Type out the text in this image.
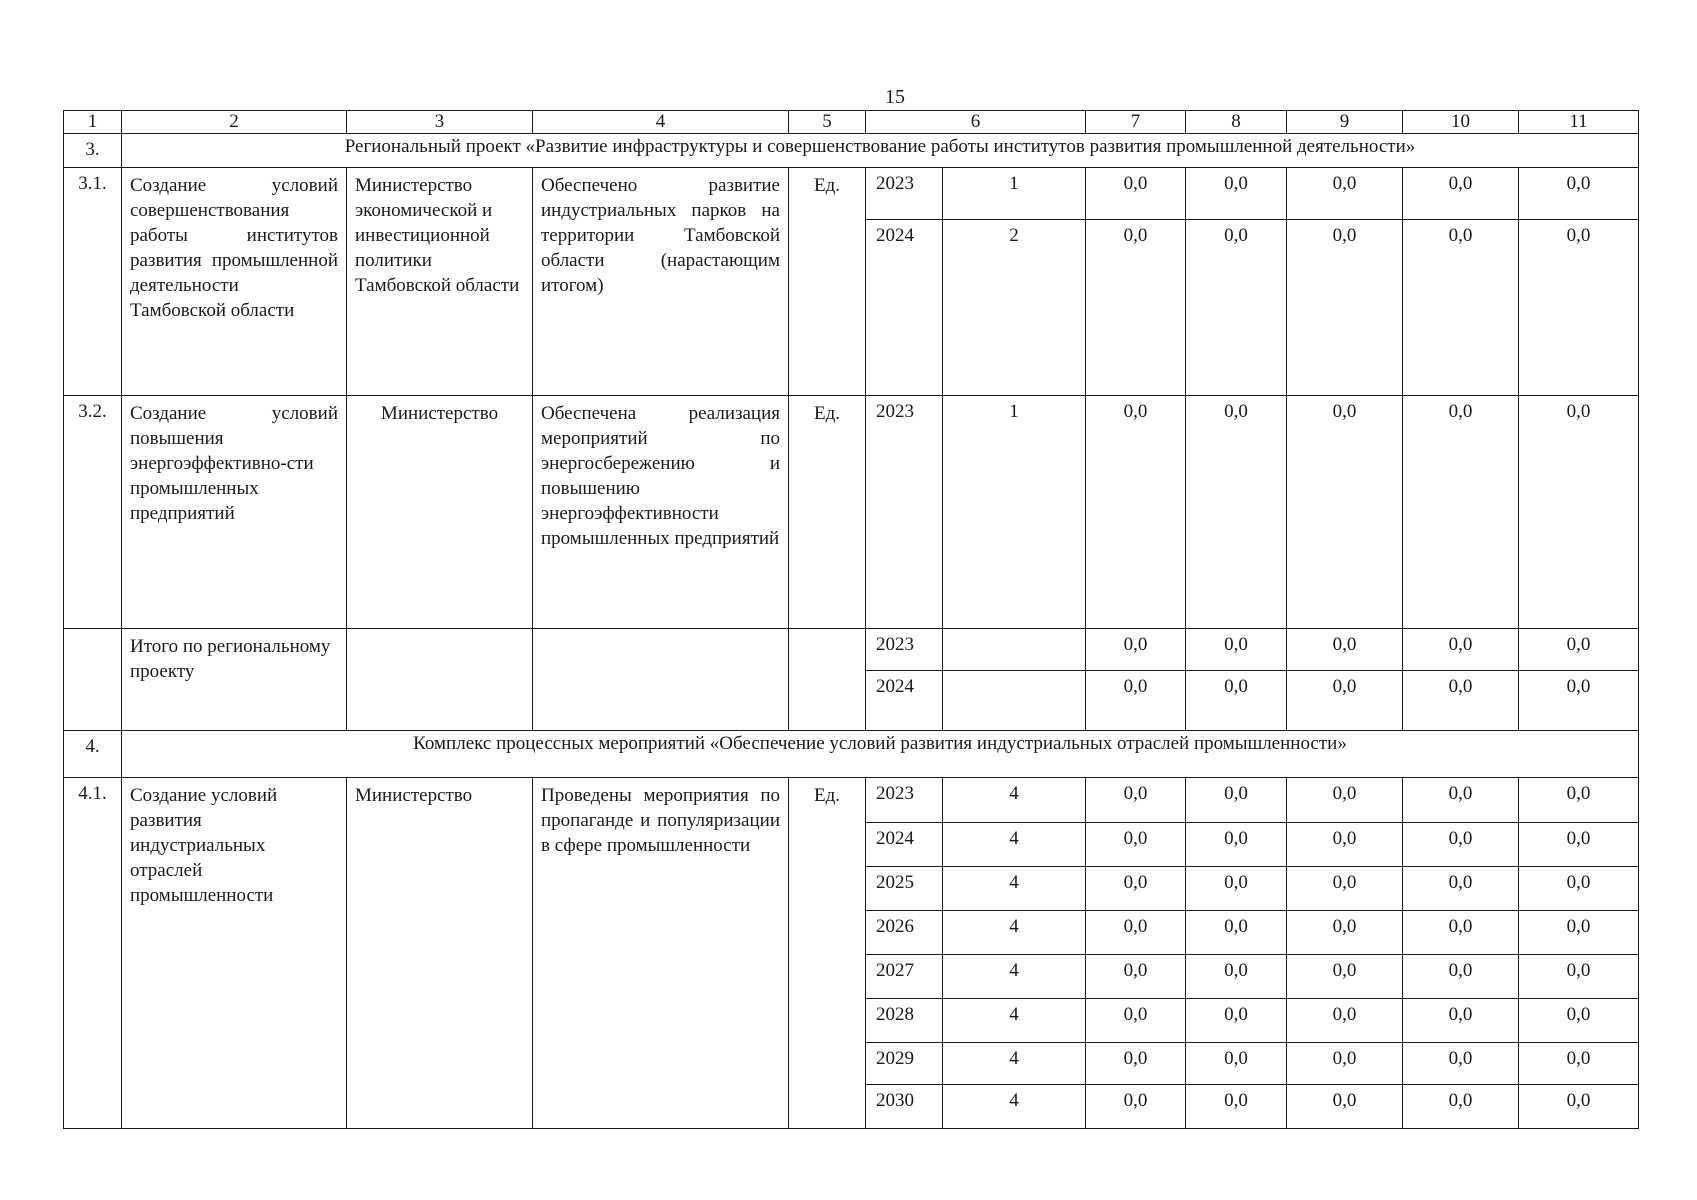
15
1	2	3	4	5	6		7	8	9	10	11
3.	Региональный проект «Развитие инфраструктуры и совершенствование работы институтов развития промышленной деятельности»										
3.1.	Создание условий совершенствования работы институтов развития промышленной деятельности Тамбовской области	Министерство экономической и инвестиционной политики Тамбовской области	Обеспечено развитие индустриальных парков на территории Тамбовской области (нарастающим итогом)	Ед.	2023	1	0,0	0,0	0,0	0,0	0,0
					2024	2	0,0	0,0	0,0	0,0	0,0
3.2.	Создание условий повышения энергоэффективно-сти промышленных предприятий	Министерство	Обеспечена реализация мероприятий по энергосбережению и повышению энергоэффективности промышленных предприятий	Ед.	2023	1	0,0	0,0	0,0	0,0	0,0
	Итого по региональному проекту				2023		0,0	0,0	0,0	0,0	0,0
					2024		0,0	0,0	0,0	0,0	0,0
4.	Комплекс процессных мероприятий «Обеспечение условий развития индустриальных отраслей промышленности»										
4.1.	Создание условий развития индустриальных отраслей промышленности	Министерство	Проведены мероприятия по пропаганде и популяризации в сфере промышленности	Ед.	2023	4	0,0	0,0	0,0	0,0	0,0
					2024	4	0,0	0,0	0,0	0,0	0,0
					2025	4	0,0	0,0	0,0	0,0	0,0
					2026	4	0,0	0,0	0,0	0,0	0,0
					2027	4	0,0	0,0	0,0	0,0	0,0
					2028	4	0,0	0,0	0,0	0,0	0,0
					2029	4	0,0	0,0	0,0	0,0	0,0
					2030	4	0,0	0,0	0,0	0,0	0,0
